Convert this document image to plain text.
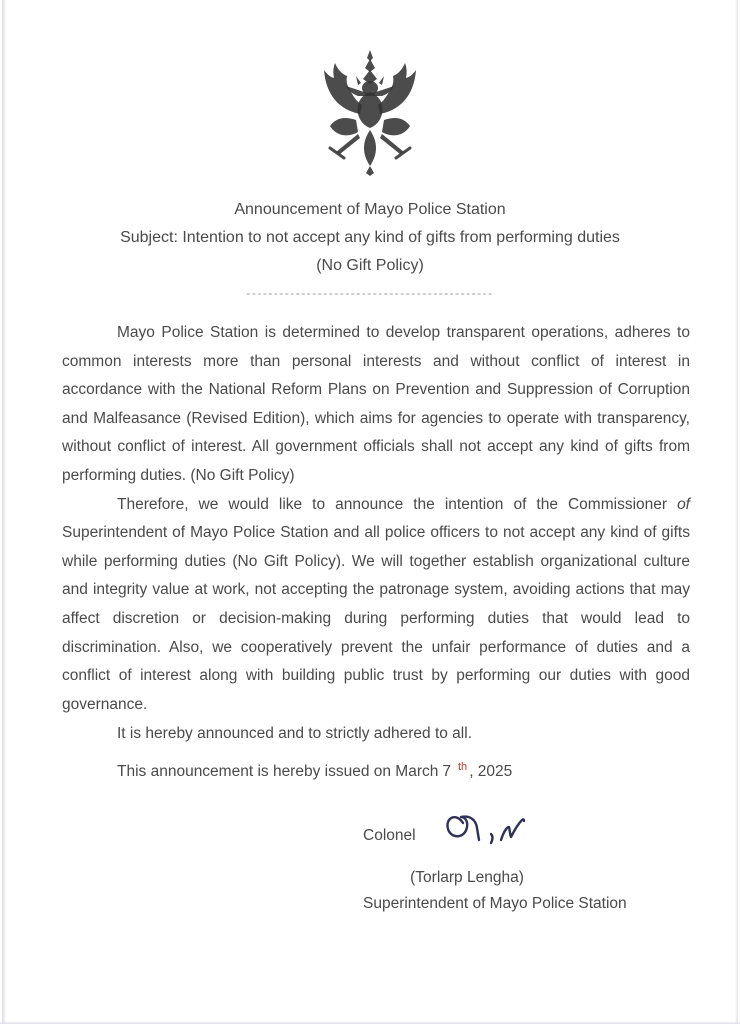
Announcement of Mayo Police Station
Subject: Intention to not accept any kind of gifts from performing duties
(No Gift Policy)
---------------------------------------------

Mayo Police Station is determined to develop transparent operations, adheres to common interests more than personal interests and without conflict of interest in accordance with the National Reform Plans on Prevention and Suppression of Corruption and Malfeasance (Revised Edition), which aims for agencies to operate with transparency, without conflict of interest. All government officials shall not accept any kind of gifts from performing duties. (No Gift Policy)

Therefore, we would like to announce the intention of the Commissioner of Superintendent of Mayo Police Station and all police officers to not accept any kind of gifts while performing duties (No Gift Policy). We will together establish organizational culture and integrity value at work, not accepting the patronage system, avoiding actions that may affect discretion or decision-making during performing duties that would lead to discrimination. Also, we cooperatively prevent the unfair performance of duties and a conflict of interest along with building public trust by performing our duties with good governance.

It is hereby announced and to strictly adhered to all.

This announcement is hereby issued on March 7 $^{th}$ , 2025

Colonel
(Torlarp Lengha)
Superintendent of Mayo Police Station
